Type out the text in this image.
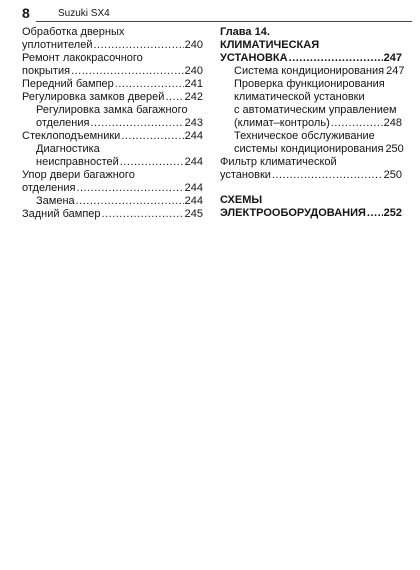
8	Suzuki SX4
Обработка дверных
уплотнителей .....	240
Ремонт лакокрасочного
покрытия .....	240
Передний бампер .....	241
Регулировка замков дверей ..... 242
Регулировка замка багажного
отделения .....	243
Стеклоподъемники .....	244
Диагностика
неисправностей .....	244
Упор двери багажного
отделения .....	244
Замена .....	244
Задний бампер .....	245
Глава 14.
КЛИМАТИЧЕСКАЯ
УСТАНОВКА .....	247
Система кондиционирования 247
Проверка функционирования
климатической установки
с автоматическим управлением
(климат–контроль) .....	248
Техническое обслуживание
системы кондиционирования 250
Фильтр климатической
установки .....	250
СХЕМЫ
ЭЛЕКТРООБОРУДОВАНИЯ ..... 252
